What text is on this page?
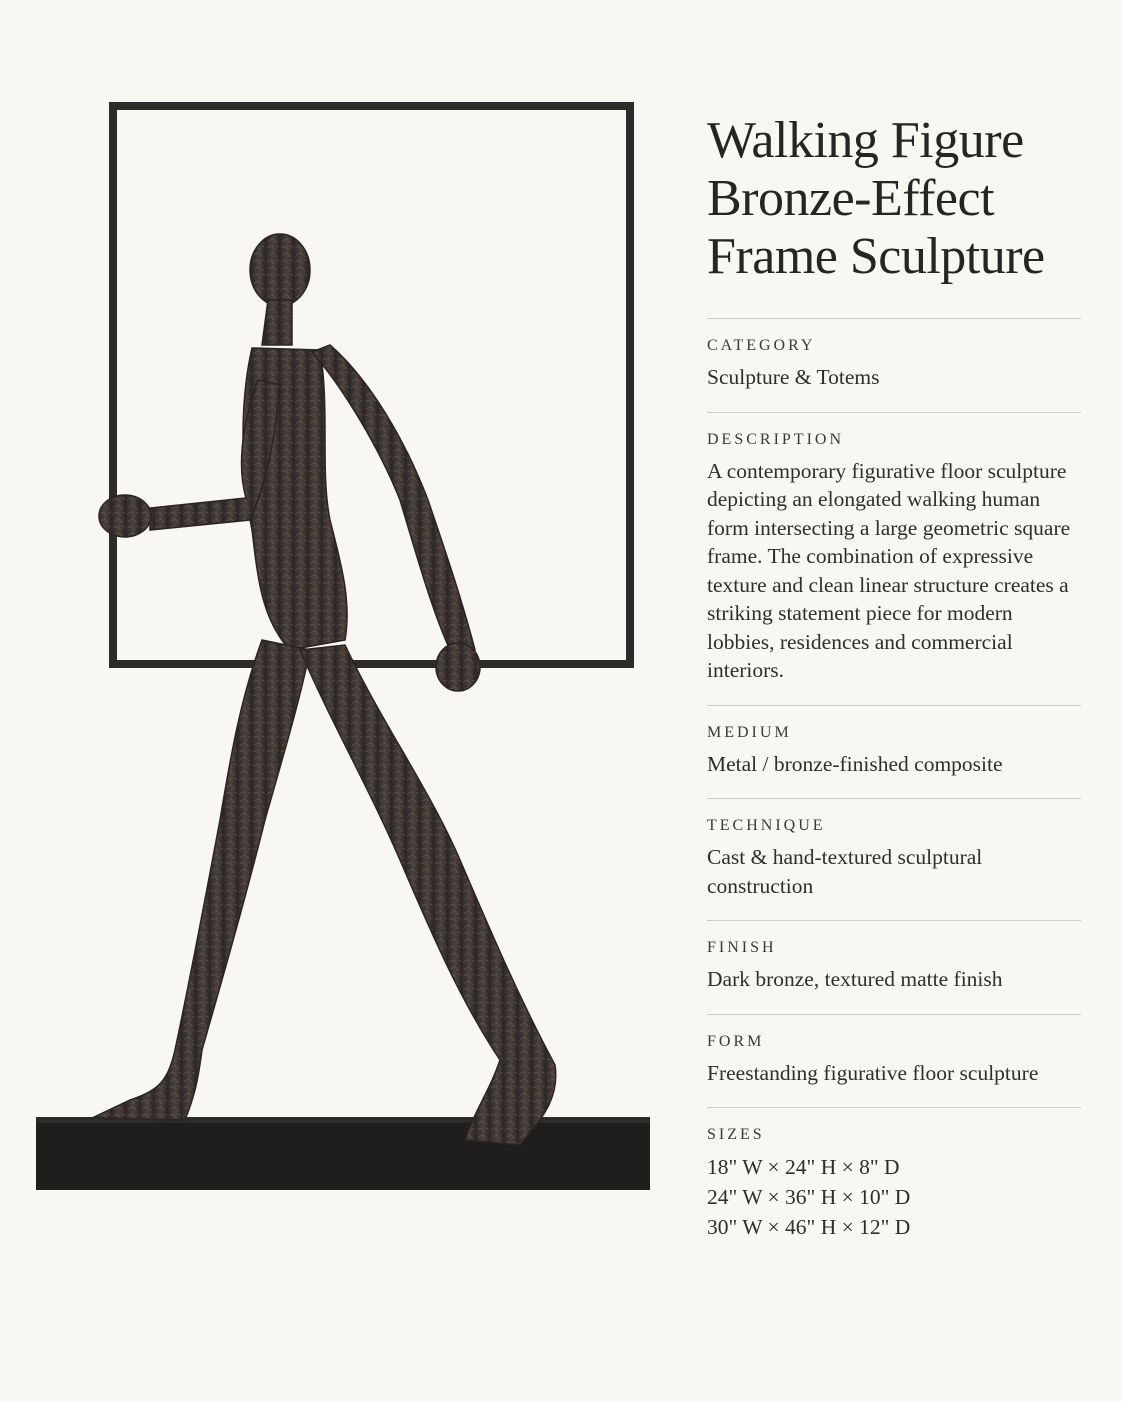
Walking Figure Bronze-Effect Frame Sculpture
CATEGORY
Sculpture & Totems
DESCRIPTION
A contemporary figurative floor sculpture depicting an elongated walking human form intersecting a large geometric square frame. The combination of expressive texture and clean linear structure creates a striking statement piece for modern lobbies, residences and commercial interiors.
MEDIUM
Metal / bronze-finished composite
TECHNIQUE
Cast & hand-textured sculptural construction
FINISH
Dark bronze, textured matte finish
FORM
Freestanding figurative floor sculpture
SIZES
18" W × 24" H × 8" D
24" W × 36" H × 10" D
30" W × 46" H × 12" D
